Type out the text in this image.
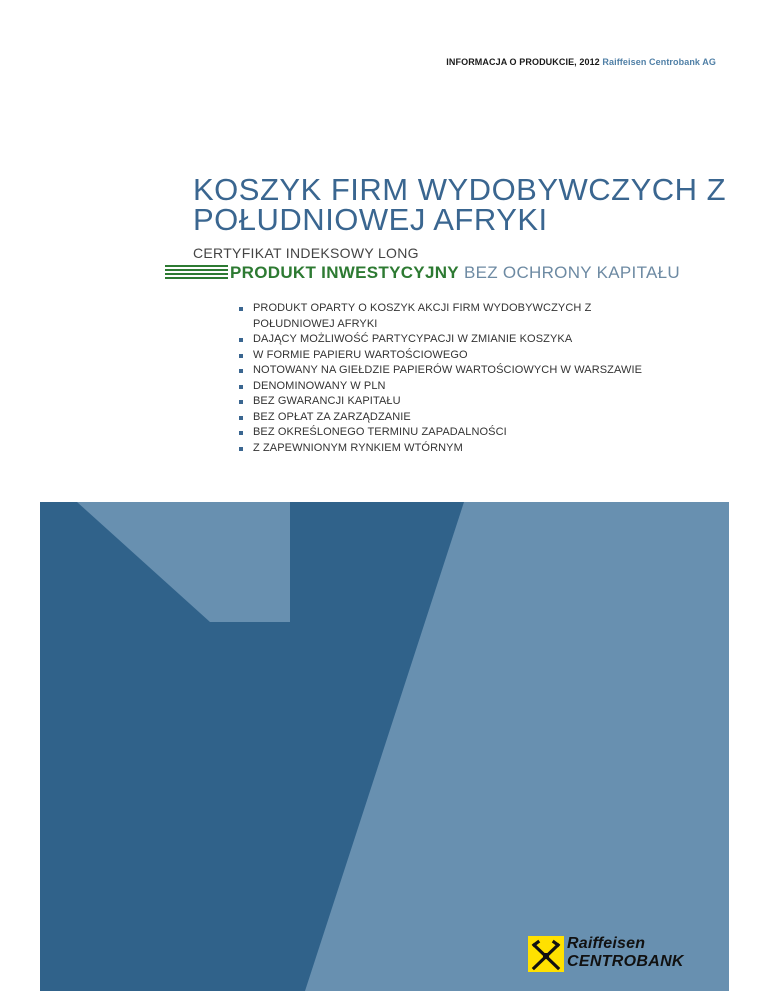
INFORMACJA O PRODUKCIE, 2012 Raiffeisen Centrobank AG
KOSZYK FIRM WYDOBYWCZYCH Z
POŁUDNIOWEJ AFRYKI
CERTYFIKAT INDEKSOWY LONG
PRODUKT INWESTYCYJNY BEZ OCHRONY KAPITAŁU
PRODUKT OPARTY O KOSZYK AKCJI FIRM WYDOBYWCZYCH Z POŁUDNIOWEJ AFRYKI
DAJĄCY MOŻLIWOŚĆ PARTYCYPACJI W ZMIANIE KOSZYKA
W FORMIE PAPIERU WARTOŚCIOWEGO
NOTOWANY NA GIEŁDZIE PAPIERÓW WARTOŚCIOWYCH W WARSZAWIE
DENOMINOWANY W PLN
BEZ GWARANCJI KAPITAŁU
BEZ OPŁAT ZA ZARZĄDZANIE
BEZ OKREŚLONEGO TERMINU ZAPADALNOŚCI
Z ZAPEWNIONYM RYNKIEM WTÓRNYM
Raiffeisen
CENTROBANK
